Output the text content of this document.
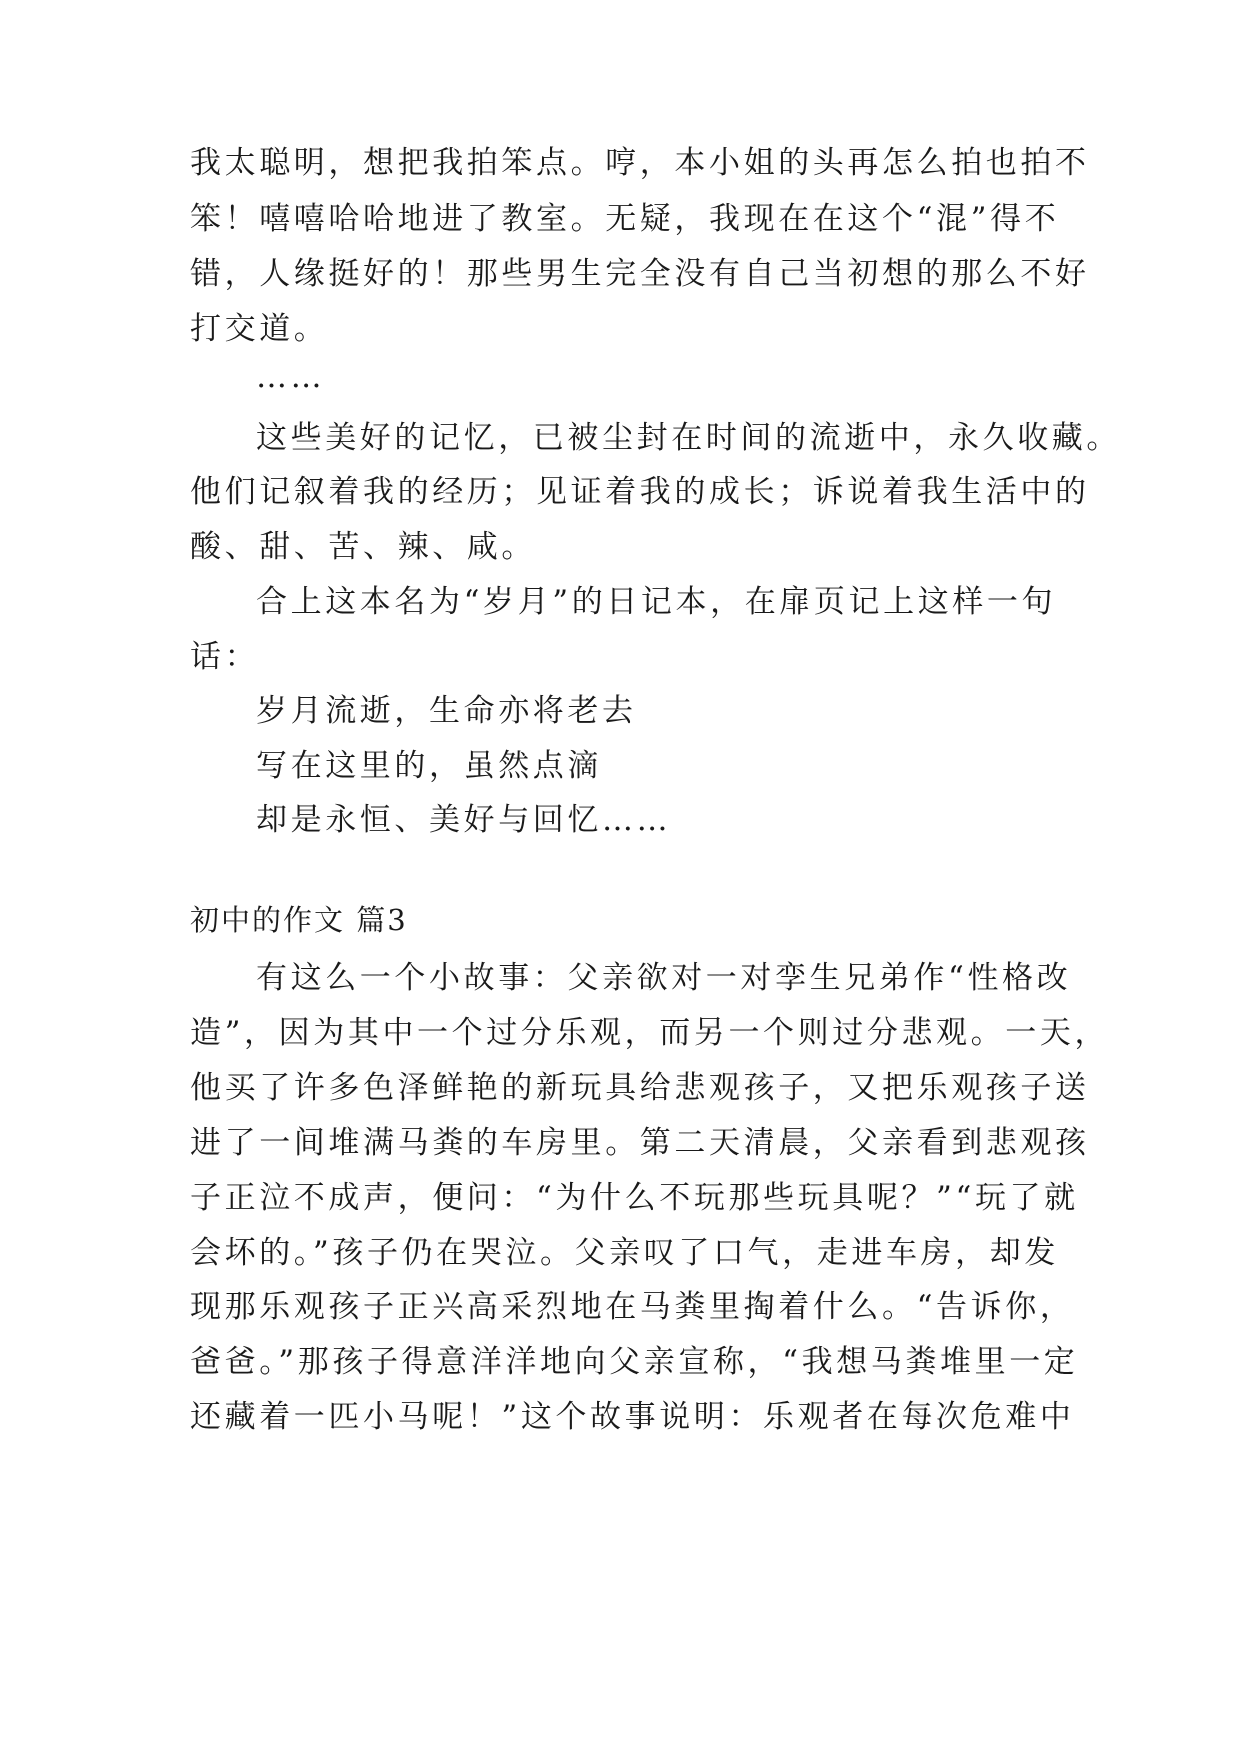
我太聪明，想把我拍笨点。哼，本小姐的头再怎么拍也拍不
笨！嘻嘻哈哈地进了教室。无疑，我现在在这个“混”得不
错，人缘挺好的！那些男生完全没有自己当初想的那么不好
打交道。
……
这些美好的记忆，已被尘封在时间的流逝中，永久收藏。
他们记叙着我的经历；见证着我的成长；诉说着我生活中的
酸、甜、苦、辣、咸。
合上这本名为“岁月”的日记本，在扉页记上这样一句
话：
岁月流逝，生命亦将老去
写在这里的，虽然点滴
却是永恒、美好与回忆……
初中的作文 篇3
有这么一个小故事：父亲欲对一对孪生兄弟作“性格改
造”，因为其中一个过分乐观，而另一个则过分悲观。一天，
他买了许多色泽鲜艳的新玩具给悲观孩子，又把乐观孩子送
进了一间堆满马粪的车房里。第二天清晨，父亲看到悲观孩
子正泣不成声，便问：“为什么不玩那些玩具呢？”“玩了就
会坏的。”孩子仍在哭泣。父亲叹了口气，走进车房，却发
现那乐观孩子正兴高采烈地在马粪里掏着什么。“告诉你，
爸爸。”那孩子得意洋洋地向父亲宣称，“我想马粪堆里一定
还藏着一匹小马呢！”这个故事说明：乐观者在每次危难中
